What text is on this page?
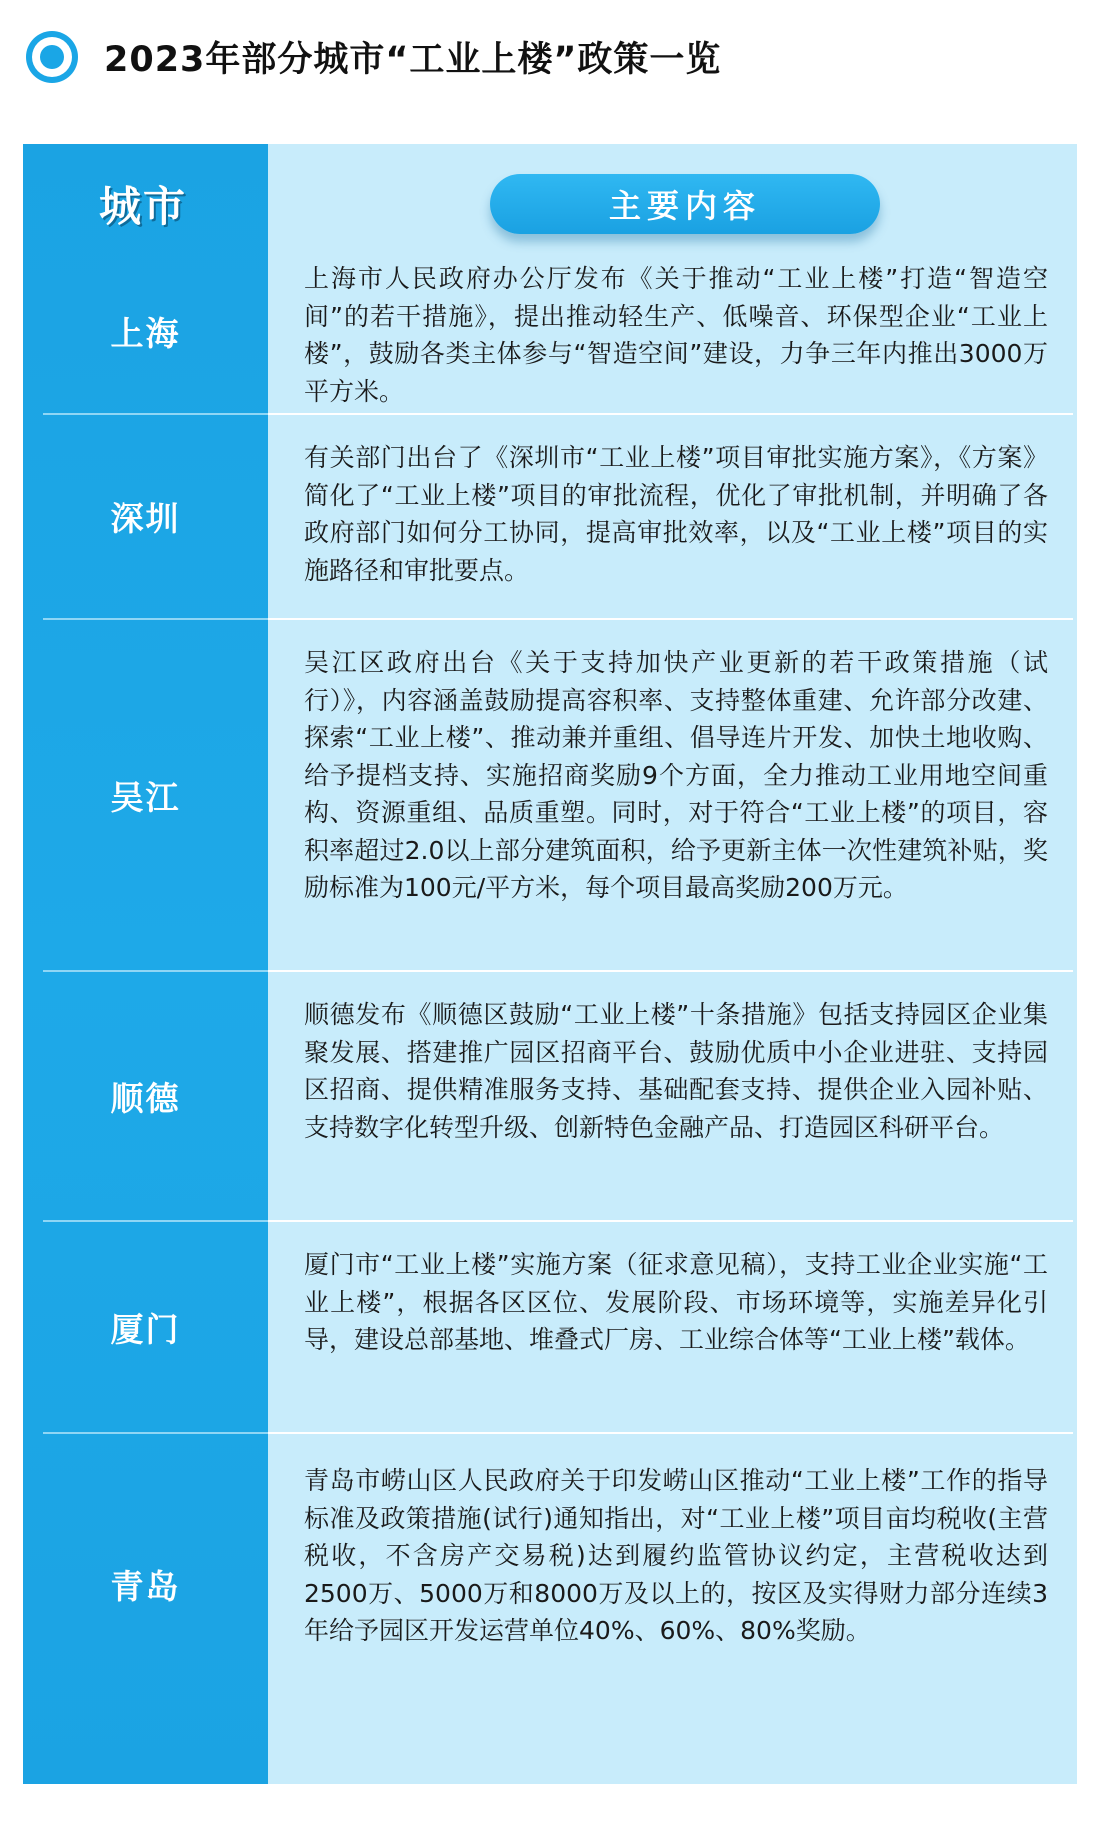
2023年部分城市“工业上楼”政策一览
城市	主要内容
上海
上海市人民政府办公厅发布《关于推动“工业上楼”打造“智造空间”的若干措施》，提出推动轻生产、低噪音、环保型企业“工业上楼”，鼓励各类主体参与“智造空间”建设，力争三年内推出3000万平方米。
深圳
有关部门出台了《深圳市“工业上楼”项目审批实施方案》，《方案》简化了“工业上楼”项目的审批流程，优化了审批机制，并明确了各政府部门如何分工协同，提高审批效率，以及“工业上楼”项目的实施路径和审批要点。
吴江
吴江区政府出台《关于支持加快产业更新的若干政策措施（试行）》，内容涵盖鼓励提高容积率、支持整体重建、允许部分改建、探索“工业上楼”、推动兼并重组、倡导连片开发、加快土地收购、给予提档支持、实施招商奖励9个方面，全力推动工业用地空间重构、资源重组、品质重塑。同时，对于符合“工业上楼”的项目，容积率超过2.0以上部分建筑面积，给予更新主体一次性建筑补贴，奖励标准为100元/平方米，每个项目最高奖励200万元。
顺德
顺德发布《顺德区鼓励“工业上楼”十条措施》包括支持园区企业集聚发展、搭建推广园区招商平台、鼓励优质中小企业进驻、支持园区招商、提供精准服务支持、基础配套支持、提供企业入园补贴、支持数字化转型升级、创新特色金融产品、打造园区科研平台。
厦门
厦门市“工业上楼”实施方案（征求意见稿），支持工业企业实施“工业上楼”，根据各区区位、发展阶段、市场环境等，实施差异化引导，建设总部基地、堆叠式厂房、工业综合体等“工业上楼”载体。
青岛
青岛市崂山区人民政府关于印发崂山区推动“工业上楼”工作的指导标准及政策措施(试行)通知指出，对“工业上楼”项目亩均税收(主营税收，不含房产交易税)达到履约监管协议约定，主营税收达到2500万、5000万和8000万及以上的，按区及实得财力部分连续3年给予园区开发运营单位40%、60%、80%奖励。
